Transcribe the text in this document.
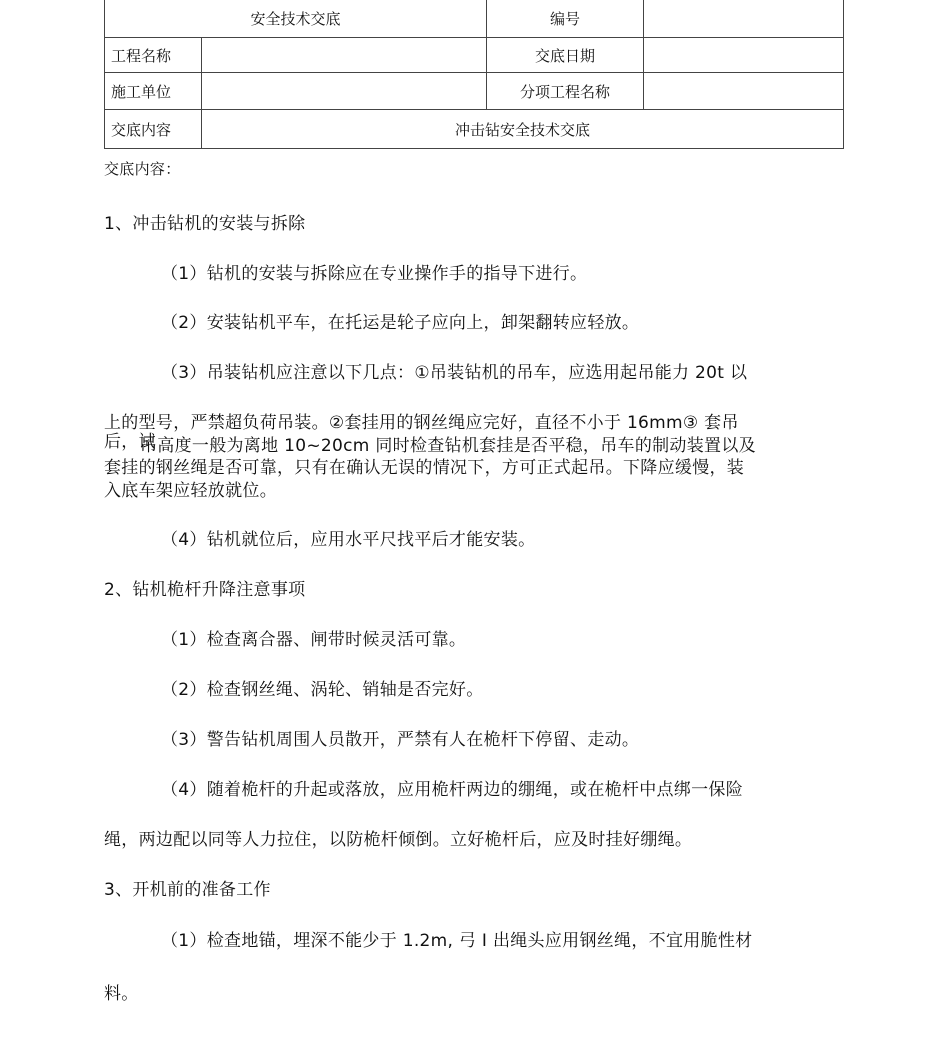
安全技术交底		编号	
工程名称		交底日期	
施工单位		分项工程名称	
交底内容	冲击钻安全技术交底		

交底内容：

1、冲击钻机的安装与拆除

（1）钻机的安装与拆除应在专业操作手的指导下进行。

（2）安装钻机平车，在托运是轮子应向上，卸架翻转应轻放。

（3）吊装钻机应注意以下几点：①吊装钻机的吊车，应选用起吊能力 20t 以

上的型号，严禁超负荷吊装。②套挂用的钢丝绳应完好，直径不小于 16mm③ 套吊

后，试

吊高度一般为离地 10~20cm 同时检查钻机套挂是否平稳，吊车的制动装置以及

套挂的钢丝绳是否可靠，只有在确认无误的情况下，方可正式起吊。下降应缓慢，装

入底车架应轻放就位。

（4）钻机就位后，应用水平尺找平后才能安装。

2、钻机桅杆升降注意事项

（1）检查离合器、闸带时候灵活可靠。

（2）检查钢丝绳、涡轮、销轴是否完好。

（3）警告钻机周围人员散开，严禁有人在桅杆下停留、走动。

（4）随着桅杆的升起或落放，应用桅杆两边的绷绳，或在桅杆中点绑一保险

绳，两边配以同等人力拉住，以防桅杆倾倒。立好桅杆后，应及时挂好绷绳。

3、开机前的准备工作

（1）检查地锚，埋深不能少于 1.2m, 弓 I 出绳头应用钢丝绳，不宜用脆性材

料。
